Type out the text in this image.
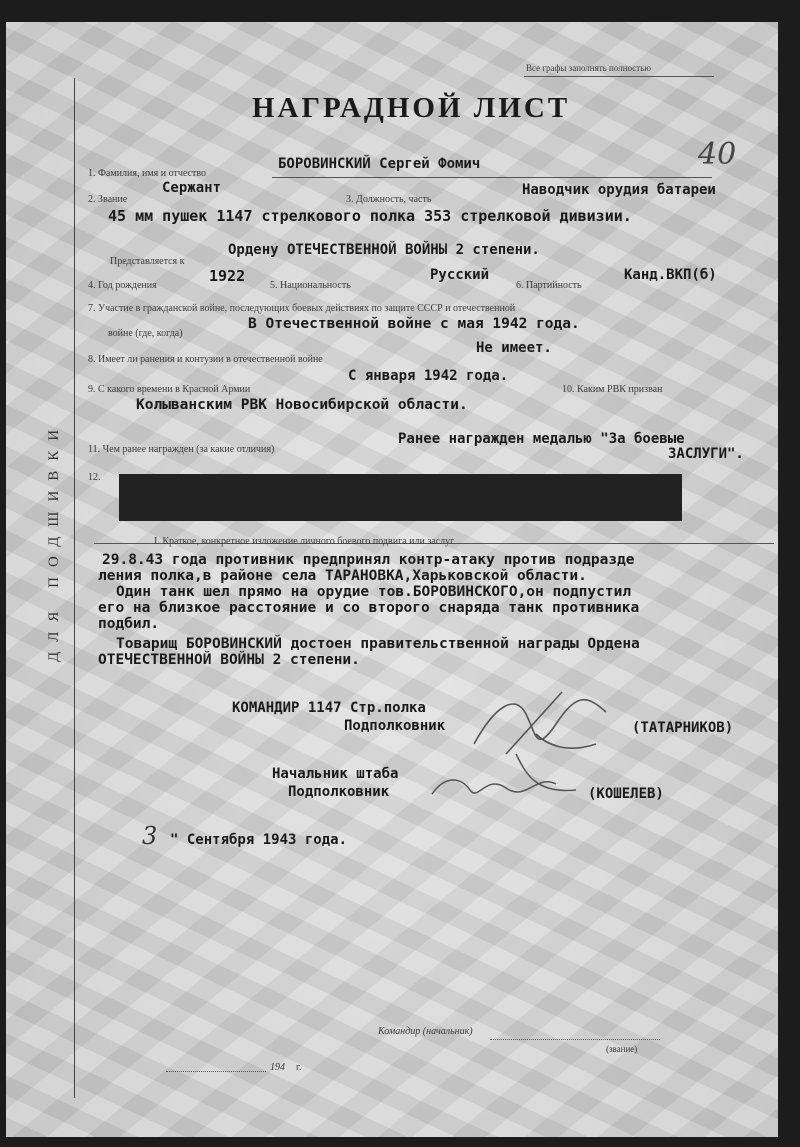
ДЛЯ ПОДШИВКИ
Все графы заполнять полностью
НАГРАДНОЙ ЛИСТ
40
1. Фамилия, имя и отчество
БОРОВИНСКИЙ Сергей Фомич
2. Звание
Сержант
3. Должность, часть
Наводчик орудия батареи
45 мм пушек 1147 стрелкового полка 353 стрелковой дивизии.
Представляется к
Ордену ОТЕЧЕСТВЕННОЙ ВОЙНЫ 2 степени.
4. Год рождения
1922
5. Национальность
Русский
6. Партийность
Канд.ВКП(б)
7. Участие в гражданской войне, последующих боевых действиях по защите СССР и отечественной
войне (где, когда)
В Отечественной войне с мая 1942 года.
8. Имеет ли ранения и контузии в отечественной войне
Не имеет.
9. С какого времени в Красной Армии
С января 1942 года.
10. Каким РВК призван
Колыванским РВК Новосибирской области.
11. Чем ранее награжден (за какие отличия)
Ранее награжден медалью "За боевые
ЗАСЛУГИ".
12.
I. Краткое, конкретное изложение личного боевого подвига или заслуг
29.8.43 года противник предпринял контр-атаку против подразде
ления полка,в районе села ТАРАНОВКА,Харьковской области.
Один танк шел прямо на орудие тов.БОРОВИНСКОГО,он подпустил
его на близкое расстояние и со второго снаряда танк противника
подбил.
Товарищ БОРОВИНСКИЙ достоен правительственной награды Ордена
ОТЕЧЕСТВЕННОЙ ВОЙНЫ 2 степени.
КОМАНДИР 1147 Стр.полка
Подполковник	(ТАТАРНИКОВ)
Начальник штаба
Подполковник	(КОШЕЛЕВ)
3 " Сентября 1943 года.
Командир (начальник)
(звание)
194 г.
